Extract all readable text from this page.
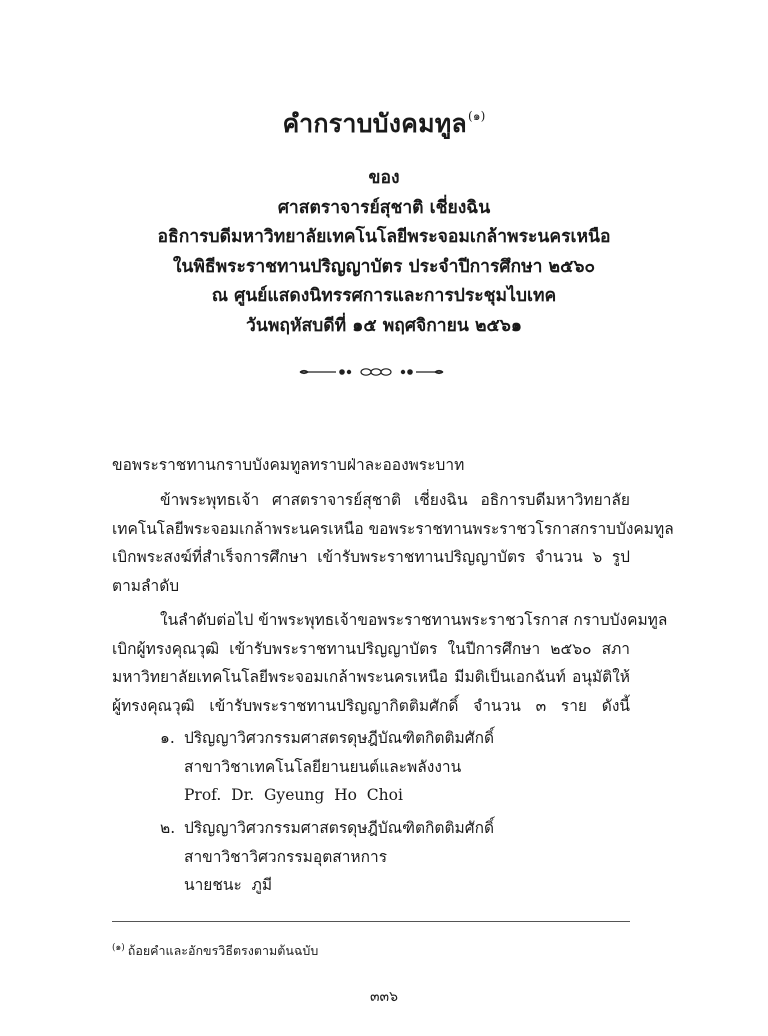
คำกราบบังคมทูล$^{(๑)}$
ของ
ศาสตราจารย์สุชาติ เชี่ยงฉิน
อธิการบดีมหาวิทยาลัยเทคโนโลยีพระจอมเกล้าพระนครเหนือ
ในพิธีพระราชทานปริญญาบัตร ประจำปีการศึกษา ๒๕๖๐
ณ ศูนย์แสดงนิทรรศการและการประชุมไบเทค
วันพฤหัสบดีที่ ๑๕ พฤศจิกายน ๒๕๖๑
ขอพระราชทานกราบบังคมทูลทราบฝ่าละอองพระบาท
ข้าพระพุทธเจ้า ศาสตราจารย์สุชาติ เชี่ยงฉิน อธิการบดีมหาวิทยาลัย
เทคโนโลยีพระจอมเกล้าพระนครเหนือ ขอพระราชทานพระราชวโรกาสกราบบังคมทูล
เบิกพระสงฆ์ที่สำเร็จการศึกษา เข้ารับพระราชทานปริญญาบัตร จำนวน ๖ รูป
ตามลำดับ
ในลำดับต่อไป ข้าพระพุทธเจ้าขอพระราชทานพระราชวโรกาส กราบบังคมทูล
เบิกผู้ทรงคุณวุฒิ เข้ารับพระราชทานปริญญาบัตร ในปีการศึกษา ๒๕๖๐ สภา
มหาวิทยาลัยเทคโนโลยีพระจอมเกล้าพระนครเหนือ มีมติเป็นเอกฉันท์ อนุมัติให้
ผู้ทรงคุณวุฒิ เข้ารับพระราชทานปริญญากิตติมศักดิ์ จำนวน ๓ ราย ดังนี้
๑. ปริญญาวิศวกรรมศาสตรดุษฎีบัณฑิตกิตติมศักดิ์
สาขาวิชาเทคโนโลยียานยนต์และพลังงาน
Prof.  Dr.  Gyeung  Ho  Choi
๒. ปริญญาวิศวกรรมศาสตรดุษฎีบัณฑิตกิตติมศักดิ์
สาขาวิชาวิศวกรรมอุตสาหการ
นายชนะ  ภูมี
$^{(๑)}$ ถ้อยคำและอักขรวิธีตรงตามต้นฉบับ
๓๓๖
